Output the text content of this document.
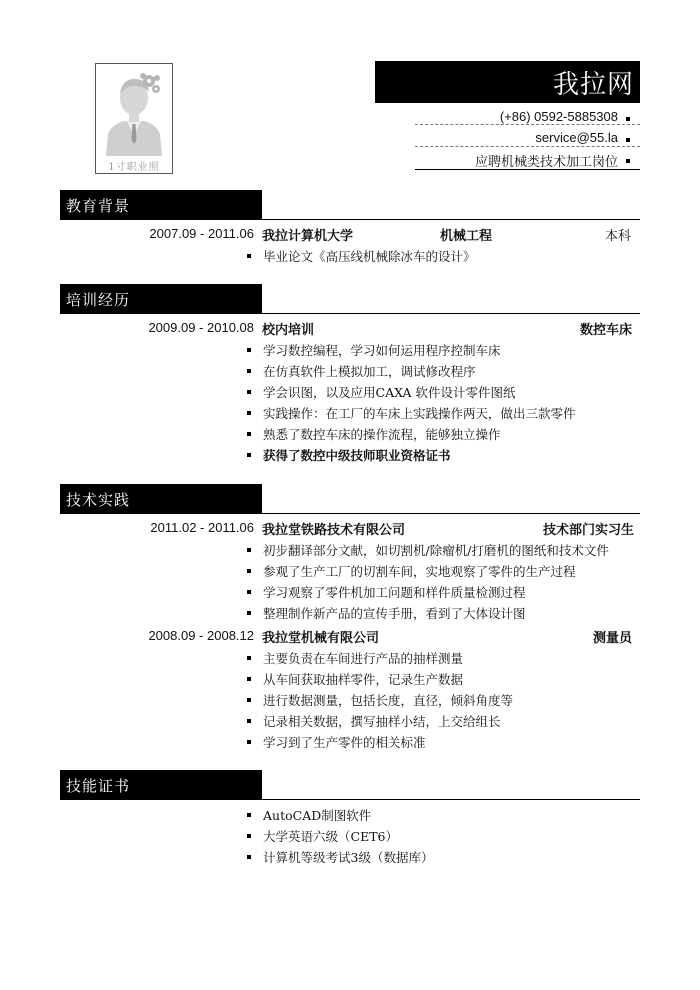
1寸职业照
我拉网
(+86) 0592-5885308
service@55.la
应聘机械类技术加工岗位
教育背景
2007.09 - 2011.06 我拉计算机大学	机械工程	本科
毕业论文《高压线机械除冰车的设计》
培训经历
2009.09 - 2010.08 校内培训	数控车床
学习数控编程，学习如何运用程序控制车床
在仿真软件上模拟加工，调试修改程序
学会识图，以及应用CAXA 软件设计零件图纸
实践操作：在工厂的车床上实践操作两天，做出三款零件
熟悉了数控车床的操作流程，能够独立操作
获得了数控中级技师职业资格证书
技术实践
2011.02 - 2011.06 我拉堂铁路技术有限公司	技术部门实习生
初步翻译部分文献，如切割机/除瘤机/打磨机的图纸和技术文件
参观了生产工厂的切割车间，实地观察了零件的生产过程
学习观察了零件机加工问题和样件质量检测过程
整理制作新产品的宣传手册，看到了大体设计图
2008.09 - 2008.12 我拉堂机械有限公司	测量员
主要负责在车间进行产品的抽样测量
从车间获取抽样零件，记录生产数据
进行数据测量，包括长度，直径，倾斜角度等
记录相关数据，撰写抽样小结，上交给组长
学习到了生产零件的相关标准
技能证书
AutoCAD制图软件
大学英语六级（CET6）
计算机等级考试3级（数据库）
